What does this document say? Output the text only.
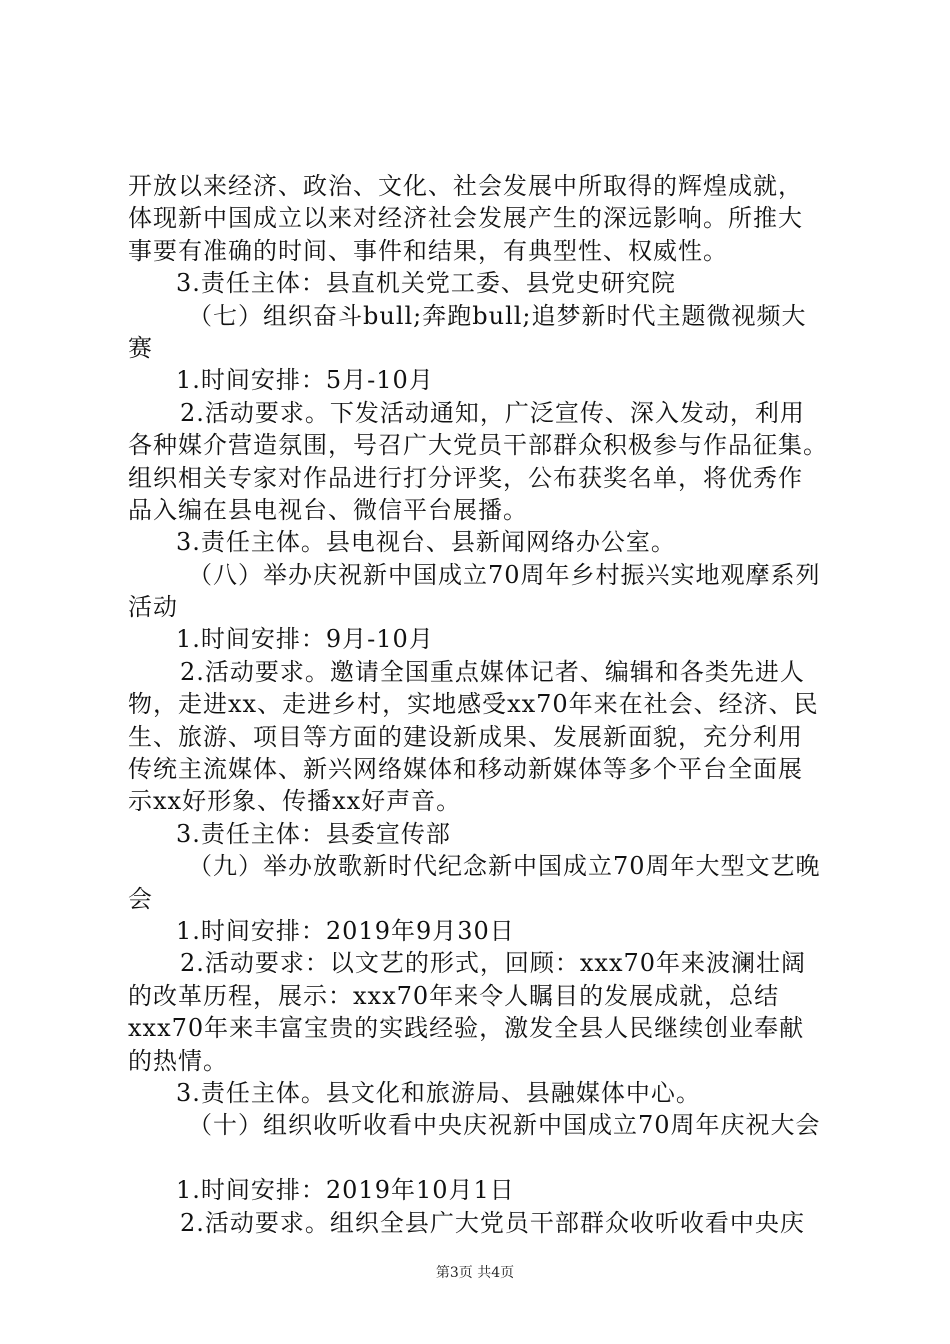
开放以来经济、政治、文化、社会发展中所取得的辉煌成就，
体现新中国成立以来对经济社会发展产生的深远影响。所推大
事要有准确的时间、事件和结果，有典型性、权威性。
3.责任主体：县直机关党工委、县党史研究院
（七）组织奋斗bull;奔跑bull;追梦新时代主题微视频大
赛
1.时间安排：5月-10月
2.活动要求。下发活动通知，广泛宣传、深入发动，利用
各种媒介营造氛围，号召广大党员干部群众积极参与作品征集。
组织相关专家对作品进行打分评奖，公布获奖名单，将优秀作
品入编在县电视台、微信平台展播。
3.责任主体。县电视台、县新闻网络办公室。
（八）举办庆祝新中国成立70周年乡村振兴实地观摩系列
活动
1.时间安排：9月-10月
2.活动要求。邀请全国重点媒体记者、编辑和各类先进人
物，走进xx、走进乡村，实地感受xx70年来在社会、经济、民
生、旅游、项目等方面的建设新成果、发展新面貌，充分利用
传统主流媒体、新兴网络媒体和移动新媒体等多个平台全面展
示xx好形象、传播xx好声音。
3.责任主体：县委宣传部
（九）举办放歌新时代纪念新中国成立70周年大型文艺晚
会
1.时间安排：2019年9月30日
2.活动要求：以文艺的形式，回顾：xxx70年来波澜壮阔
的改革历程，展示：xxx70年来令人瞩目的发展成就，总结
xxx70年来丰富宝贵的实践经验，激发全县人民继续创业奉献
的热情。
3.责任主体。县文化和旅游局、县融媒体中心。
（十）组织收听收看中央庆祝新中国成立70周年庆祝大会
1.时间安排：2019年10月1日
2.活动要求。组织全县广大党员干部群众收听收看中央庆
第3页 共4页
